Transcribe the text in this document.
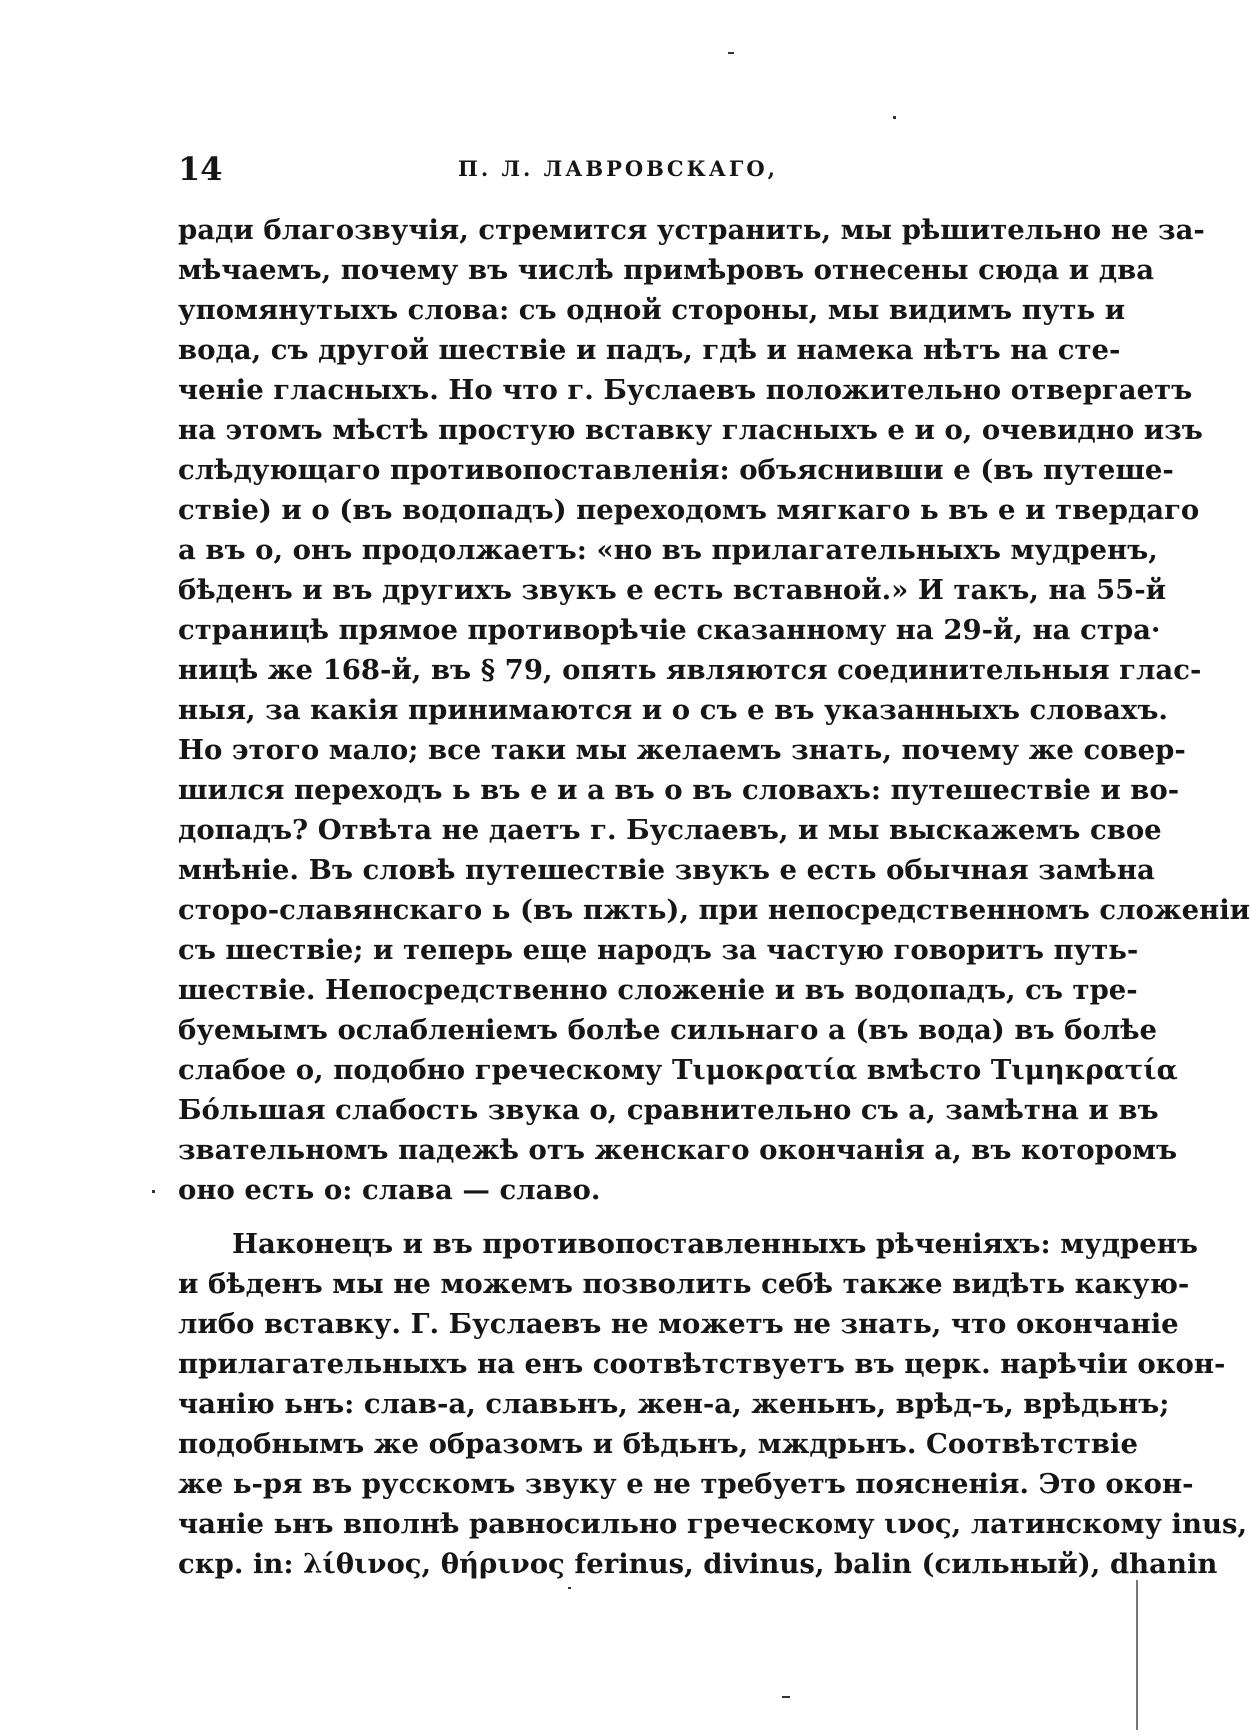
14	П. Л. ЛАВРОВСКАГО,
ради благозвучія, стремится устранить, мы рѣшительно не за-
мѣчаемъ, почему въ числѣ примѣровъ отнесены сюда и два
упомянутыхъ слова: съ одной стороны, мы видимъ путь и
вода, съ другой шествіе и падъ, гдѣ и намека нѣтъ на сте-
ченіе гласныхъ. Но что г. Буслаевъ положительно отвергаетъ
на этомъ мѣстѣ простую вставку гласныхъ е и о, очевидно изъ
слѣдующаго противопоставленія: объяснивши е (въ путеше-
ствіе) и о (въ водопадъ) переходомъ мягкаго ь въ е и твердаго
а въ о, онъ продолжаетъ: «но въ прилагательныхъ мудренъ,
бѣденъ и въ другихъ звукъ е есть вставной.» И такъ, на 55-й
страницѣ прямое противорѣчіе сказанному на 29-й, на стра·
ницѣ же 168-й, въ § 79, опять являются соединительныя глас-
ныя, за какія принимаются и о съ е въ указанныхъ словахъ.
Но этого мало; все таки мы желаемъ знать, почему же совер-
шился переходъ ь въ е и а въ о въ словахъ: путешествіе и во-
допадъ? Отвѣта не даетъ г. Буслаевъ, и мы выскажемъ свое
мнѣніе. Въ словѣ путешествіе звукъ е есть обычная замѣна
сторо-славянскаго ь (въ пжть), при непосредственномъ сложеніи
съ шествіе; и теперь еще народъ за частую говоритъ путь-
шествіе. Непосредственно сложеніе и въ водопадъ, съ тре-
буемымъ ослабленіемъ болѣе сильнаго а (въ вода) въ болѣе
слабое о, подобно греческому Τιμοκρατία вмѣсто Τιμηκρατία
Бóльшая слабость звука о, сравнительно съ а, замѣтна и въ
звательномъ падежѣ отъ женскаго окончанія а, въ которомъ
оно есть о: слава — славо.
Наконецъ и въ противопоставленныхъ рѣченіяхъ: мудренъ
и бѣденъ мы не можемъ позволить себѣ также видѣть какую-
либо вставку. Г. Буслаевъ не можетъ не знать, что окончаніе
прилагательныхъ на енъ соотвѣтствуетъ въ церк. нарѣчіи окон-
чанію ьнъ: слав-а, славьнъ, жен-а, женьнъ, врѣд-ъ, врѣдьнъ;
подобнымъ же образомъ и бѣдьнъ, мждрьнъ. Соотвѣтствіе
же ь-ря въ русскомъ звуку е не требуетъ поясненія. Это окон-
чаніе ьнъ вполнѣ равносильно греческому ινος, латинскому inus,
скр. in: λίθινος, θήρινος ferinus, divinus, balin (сильный), dhanin
